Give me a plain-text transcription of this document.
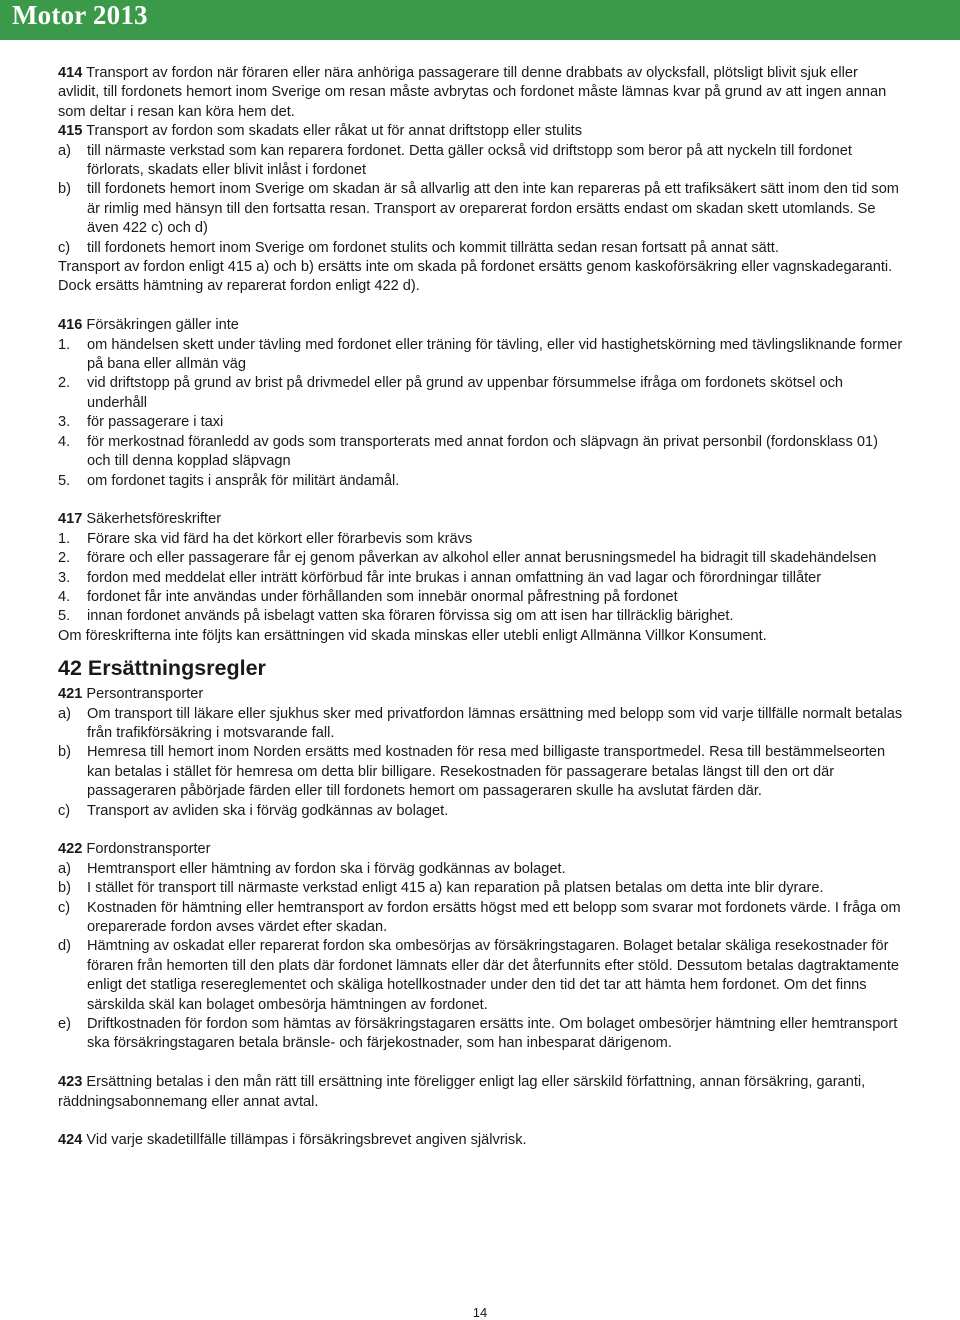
Motor 2013

414 Transport av fordon när föraren eller nära anhöriga passagerare till denne drabbats av olycksfall, plötsligt blivit sjuk eller avlidit, till fordonets hemort inom Sverige om resan måste avbrytas och fordonet måste lämnas kvar på grund av att ingen annan som deltar i resan kan köra hem det.

415 Transport av fordon som skadats eller råkat ut för annat driftstopp eller stulits

a)	till närmaste verkstad som kan reparera fordonet. Detta gäller också vid driftstopp som beror på att nyckeln till fordonet förlorats, skadats eller blivit inlåst i fordonet
b)	till fordonets hemort inom Sverige om skadan är så allvarlig att den inte kan repareras på ett trafiksäkert sätt inom den tid som är rimlig med hänsyn till den fortsatta resan. Transport av oreparerat fordon ersätts endast om skadan skett utomlands. Se även 422 c) och d)
c)	till fordonets hemort inom Sverige om fordonet stulits och kommit tillrätta sedan resan fortsatt på annat sätt.

Transport av fordon enligt 415 a) och b) ersätts inte om skada på fordonet ersätts genom kaskoförsäkring eller vagnskadegaranti. Dock ersätts hämtning av reparerat fordon enligt 422 d).

416 Försäkringen gäller inte

1.	om händelsen skett under tävling med fordonet eller träning för tävling, eller vid hastighetskörning med tävlingsliknande former på bana eller allmän väg
2.	vid driftstopp på grund av brist på drivmedel eller på grund av uppenbar försummelse ifråga om fordonets skötsel och underhåll
3.	för passagerare i taxi
4.	för merkostnad föranledd av gods som transporterats med annat fordon och släpvagn än privat personbil (fordonsklass 01) och till denna kopplad släpvagn
5.	om fordonet tagits i anspråk för militärt ändamål.

417 Säkerhetsföreskrifter

1.	Förare ska vid färd ha det körkort eller förarbevis som krävs
2.	förare och eller passagerare får ej genom påverkan av alkohol eller annat berusningsmedel ha bidragit till skadehändelsen
3.	fordon med meddelat eller inträtt körförbud får inte brukas i annan omfattning än vad lagar och förordningar tillåter
4.	fordonet får inte användas under förhållanden som innebär onormal påfrestning på fordonet
5.	innan fordonet används på isbelagt vatten ska föraren förvissa sig om att isen har tillräcklig bärighet.

Om föreskrifterna inte följts kan ersättningen vid skada minskas eller utebli enligt Allmänna Villkor Konsument.

42 Ersättningsregler

421 Persontransporter

a)	Om transport till läkare eller sjukhus sker med privatfordon lämnas ersättning med belopp som vid varje tillfälle normalt betalas från trafikförsäkring i motsvarande fall.
b)	Hemresa till hemort inom Norden ersätts med kostnaden för resa med billigaste transportmedel. Resa till bestämmelseorten kan betalas i stället för hemresa om detta blir billigare. Resekostnaden för passagerare betalas längst till den ort där passageraren påbörjade färden eller till fordonets hemort om passageraren skulle ha avslutat färden där.
c)	Transport av avliden ska i förväg godkännas av bolaget.

422 Fordonstransporter

a)	Hemtransport eller hämtning av fordon ska i förväg godkännas av bolaget.
b)	I stället för transport till närmaste verkstad enligt 415 a) kan reparation på platsen betalas om detta inte blir dyrare.
c)	Kostnaden för hämtning eller hemtransport av fordon ersätts högst med ett belopp som svarar mot fordonets värde. I fråga om oreparerade fordon avses värdet efter skadan.
d)	Hämtning av oskadat eller reparerat fordon ska ombesörjas av försäkringstagaren. Bolaget betalar skäliga resekostnader för föraren från hemorten till den plats där fordonet lämnats eller där det återfunnits efter stöld. Dessutom betalas dagtraktamente enligt det statliga resereglementet och skäliga hotellkostnader under den tid det tar att hämta hem fordonet. Om det finns särskilda skäl kan bolaget ombesörja hämtningen av fordonet.
e)	Driftkostnaden för fordon som hämtas av försäkringstagaren ersätts inte. Om bolaget ombesörjer hämtning eller hemtransport ska försäkringstagaren betala bränsle- och färjekostnader, som han inbesparat därigenom.

423 Ersättning betalas i den mån rätt till ersättning inte föreligger enligt lag eller särskild författning, annan försäkring, garanti, räddningsabonnemang eller annat avtal.

424 Vid varje skadetillfälle tillämpas i försäkringsbrevet angiven självrisk.

14
